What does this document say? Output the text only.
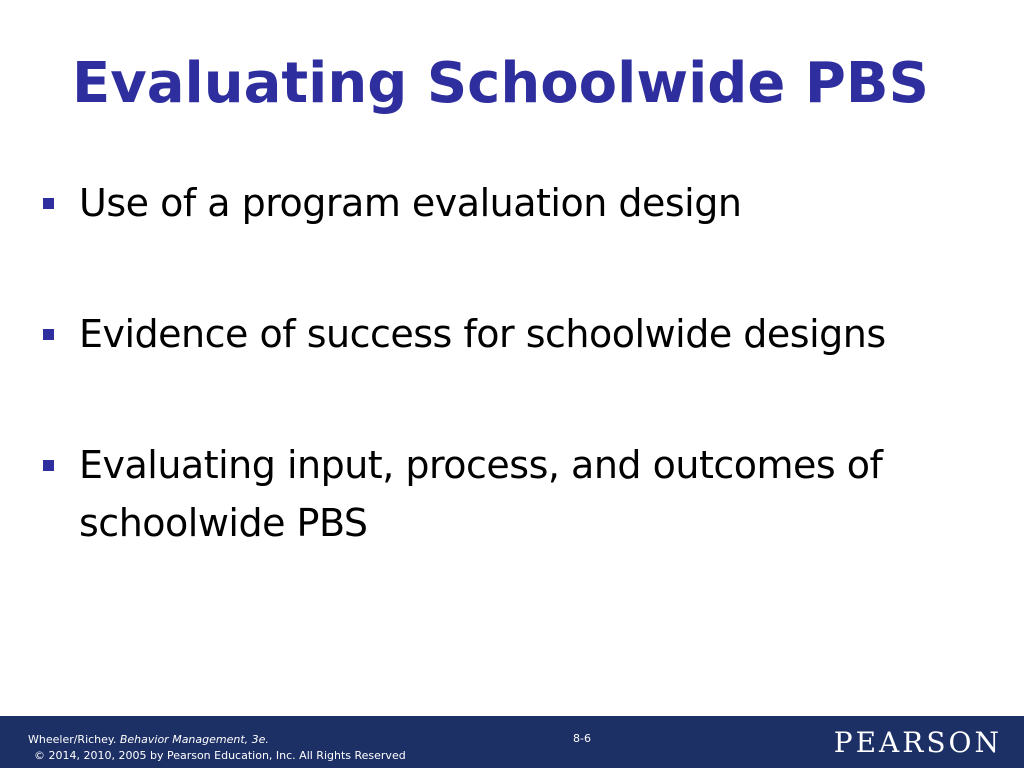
Evaluating Schoolwide PBS
Use of a program evaluation design
Evidence of success for schoolwide designs
Evaluating input, process, and outcomes of schoolwide PBS
Wheeler/Richey. Behavior Management, 3e.
© 2014, 2010, 2005 by Pearson Education, Inc. All Rights Reserved
8-6	PEARSON
